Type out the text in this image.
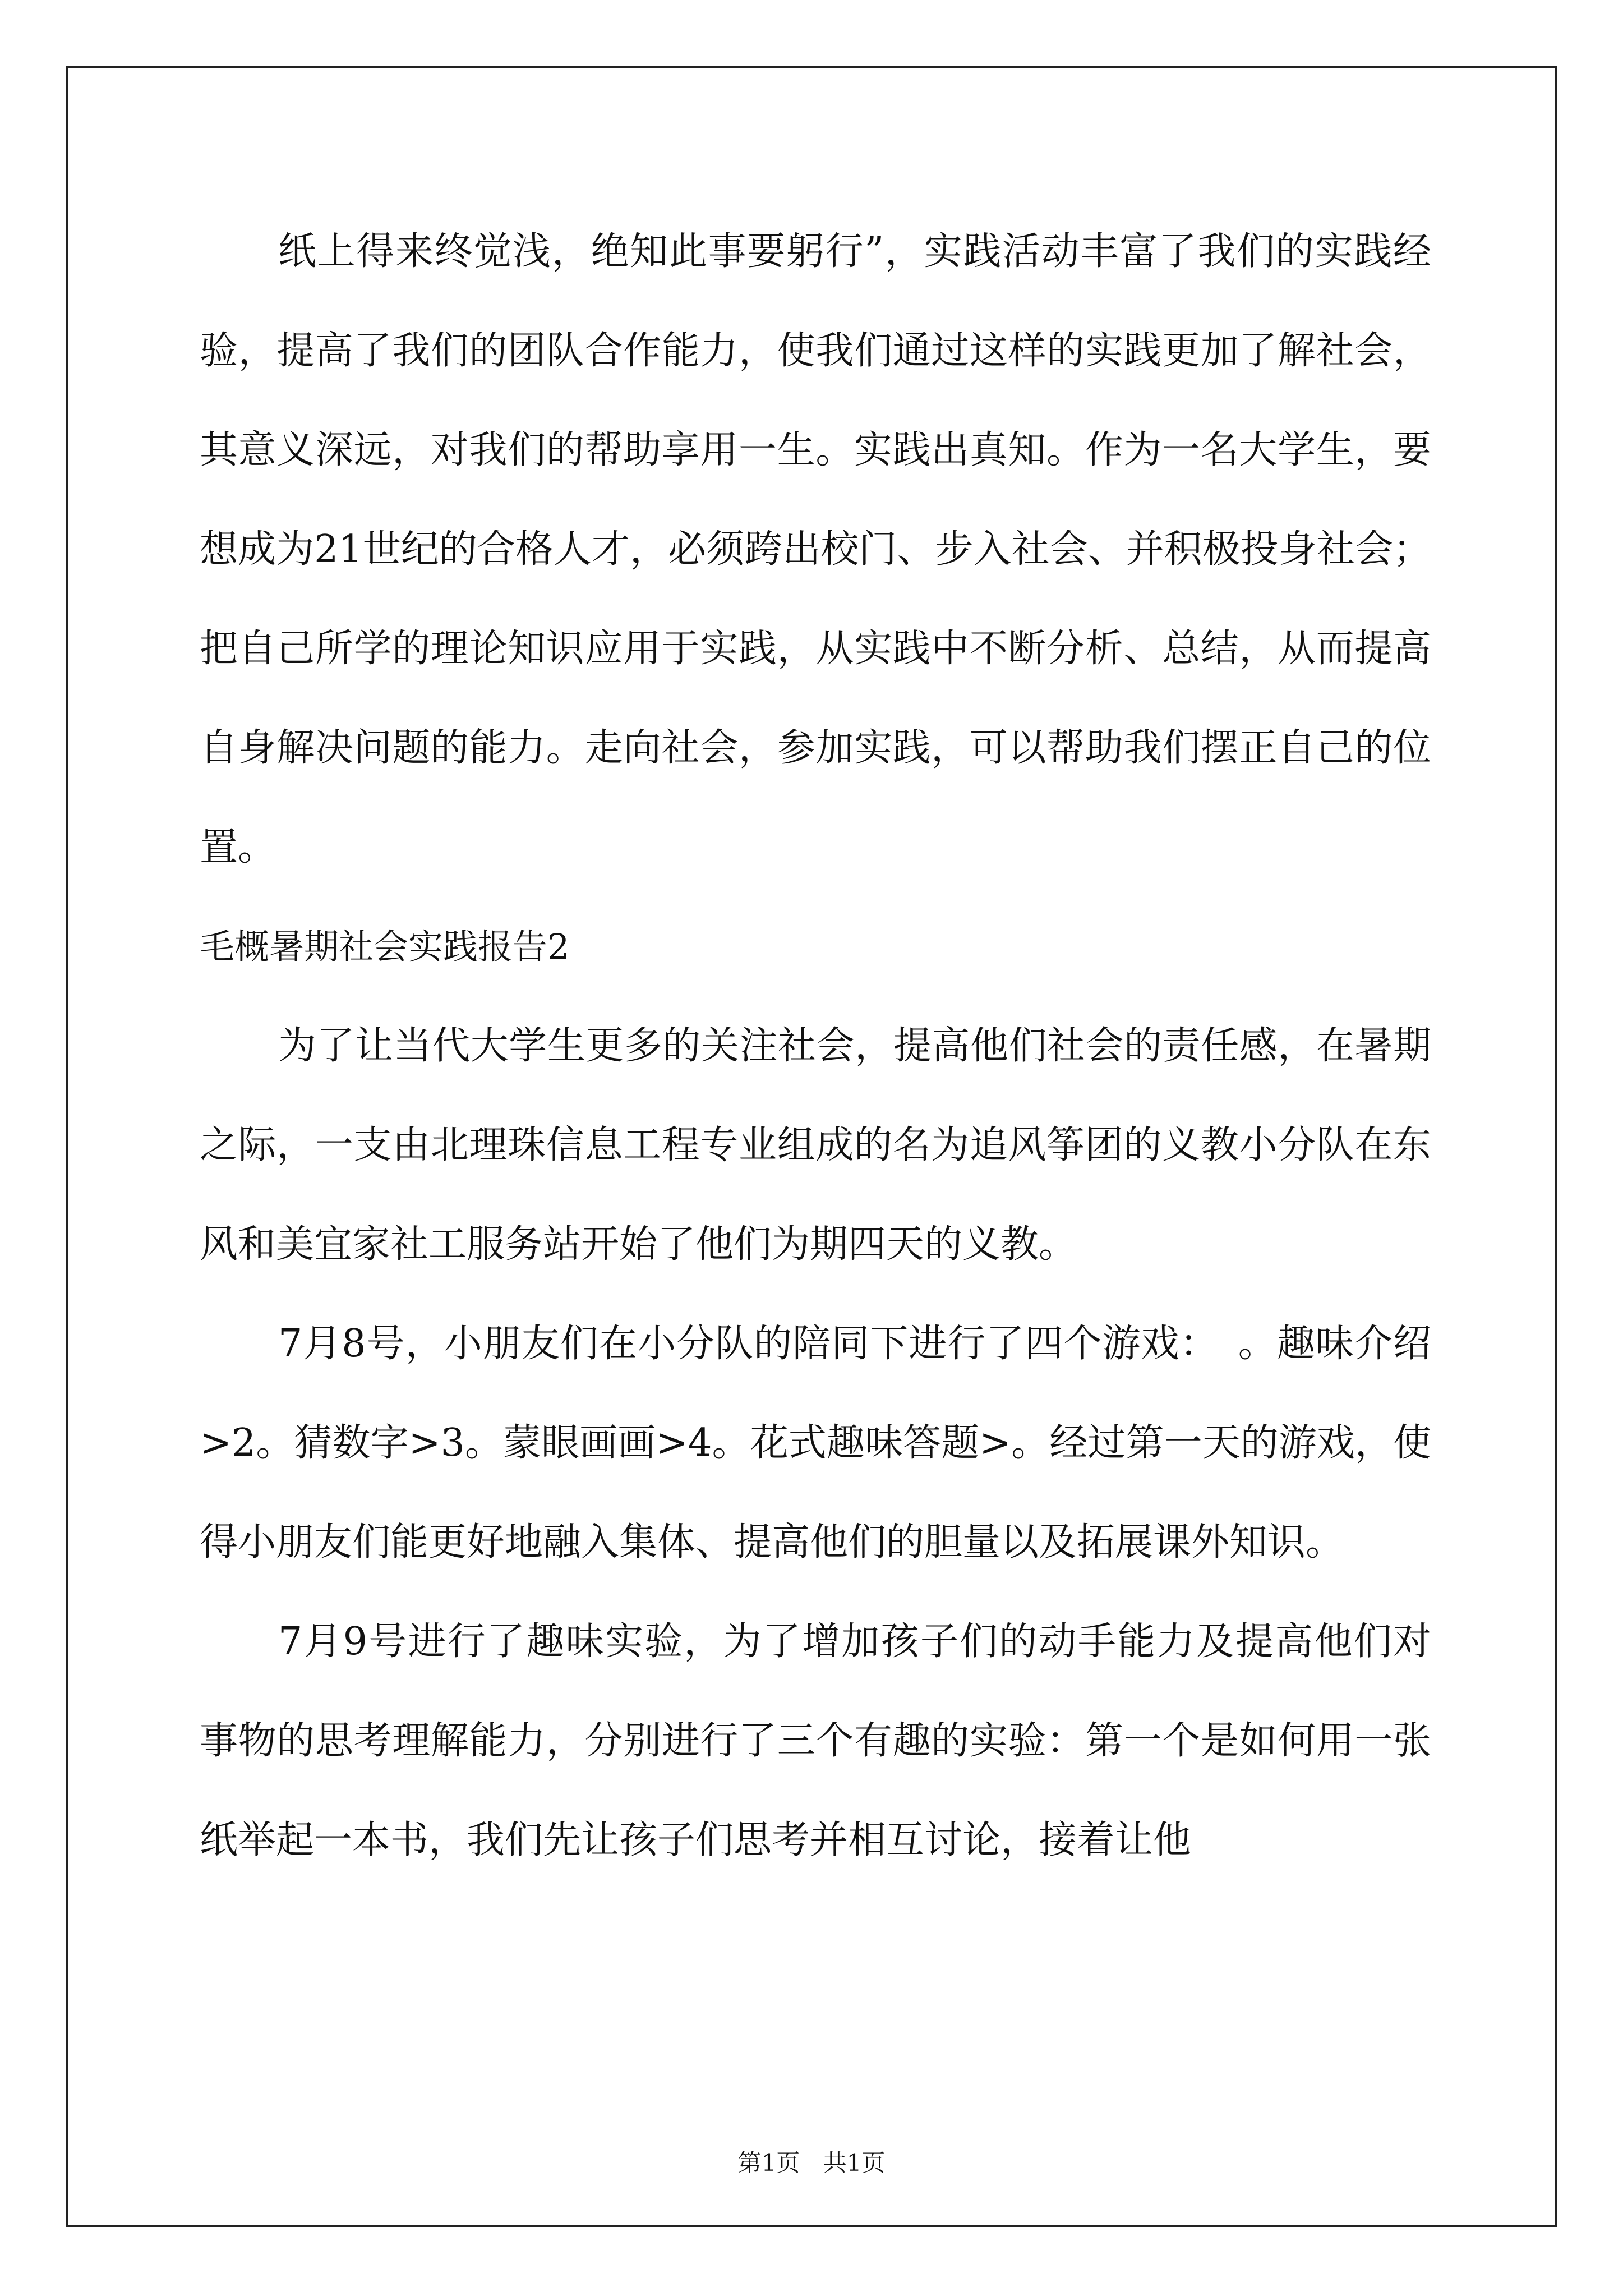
纸上得来终觉浅，绝知此事要躬行”，实践活动丰富了我们的实践经验，提高了我们的团队合作能力，使我们通过这样的实践更加了解社会，其意义深远，对我们的帮助享用一生。实践出真知。作为一名大学生，要想成为21世纪的合格人才，必须跨出校门、步入社会、并积极投身社会；把自己所学的理论知识应用于实践，从实践中不断分析、总结，从而提高自身解决问题的能力。走向社会，参加实践，可以帮助我们摆正自己的位置。

毛概暑期社会实践报告2

为了让当代大学生更多的关注社会，提高他们社会的责任感，在暑期之际，一支由北理珠信息工程专业组成的名为追风筝团的义教小分队在东风和美宜家社工服务站开始了他们为期四天的义教。

7月8号，小朋友们在小分队的陪同下进行了四个游戏：　。趣味介绍>2。猜数字>3。蒙眼画画>4。花式趣味答题>。经过第一天的游戏，使得小朋友们能更好地融入集体、提高他们的胆量以及拓展课外知识。

7月9号进行了趣味实验，为了增加孩子们的动手能力及提高他们对事物的思考理解能力，分别进行了三个有趣的实验：第一个是如何用一张纸举起一本书，我们先让孩子们思考并相互讨论，接着让他

第1页 共1页
